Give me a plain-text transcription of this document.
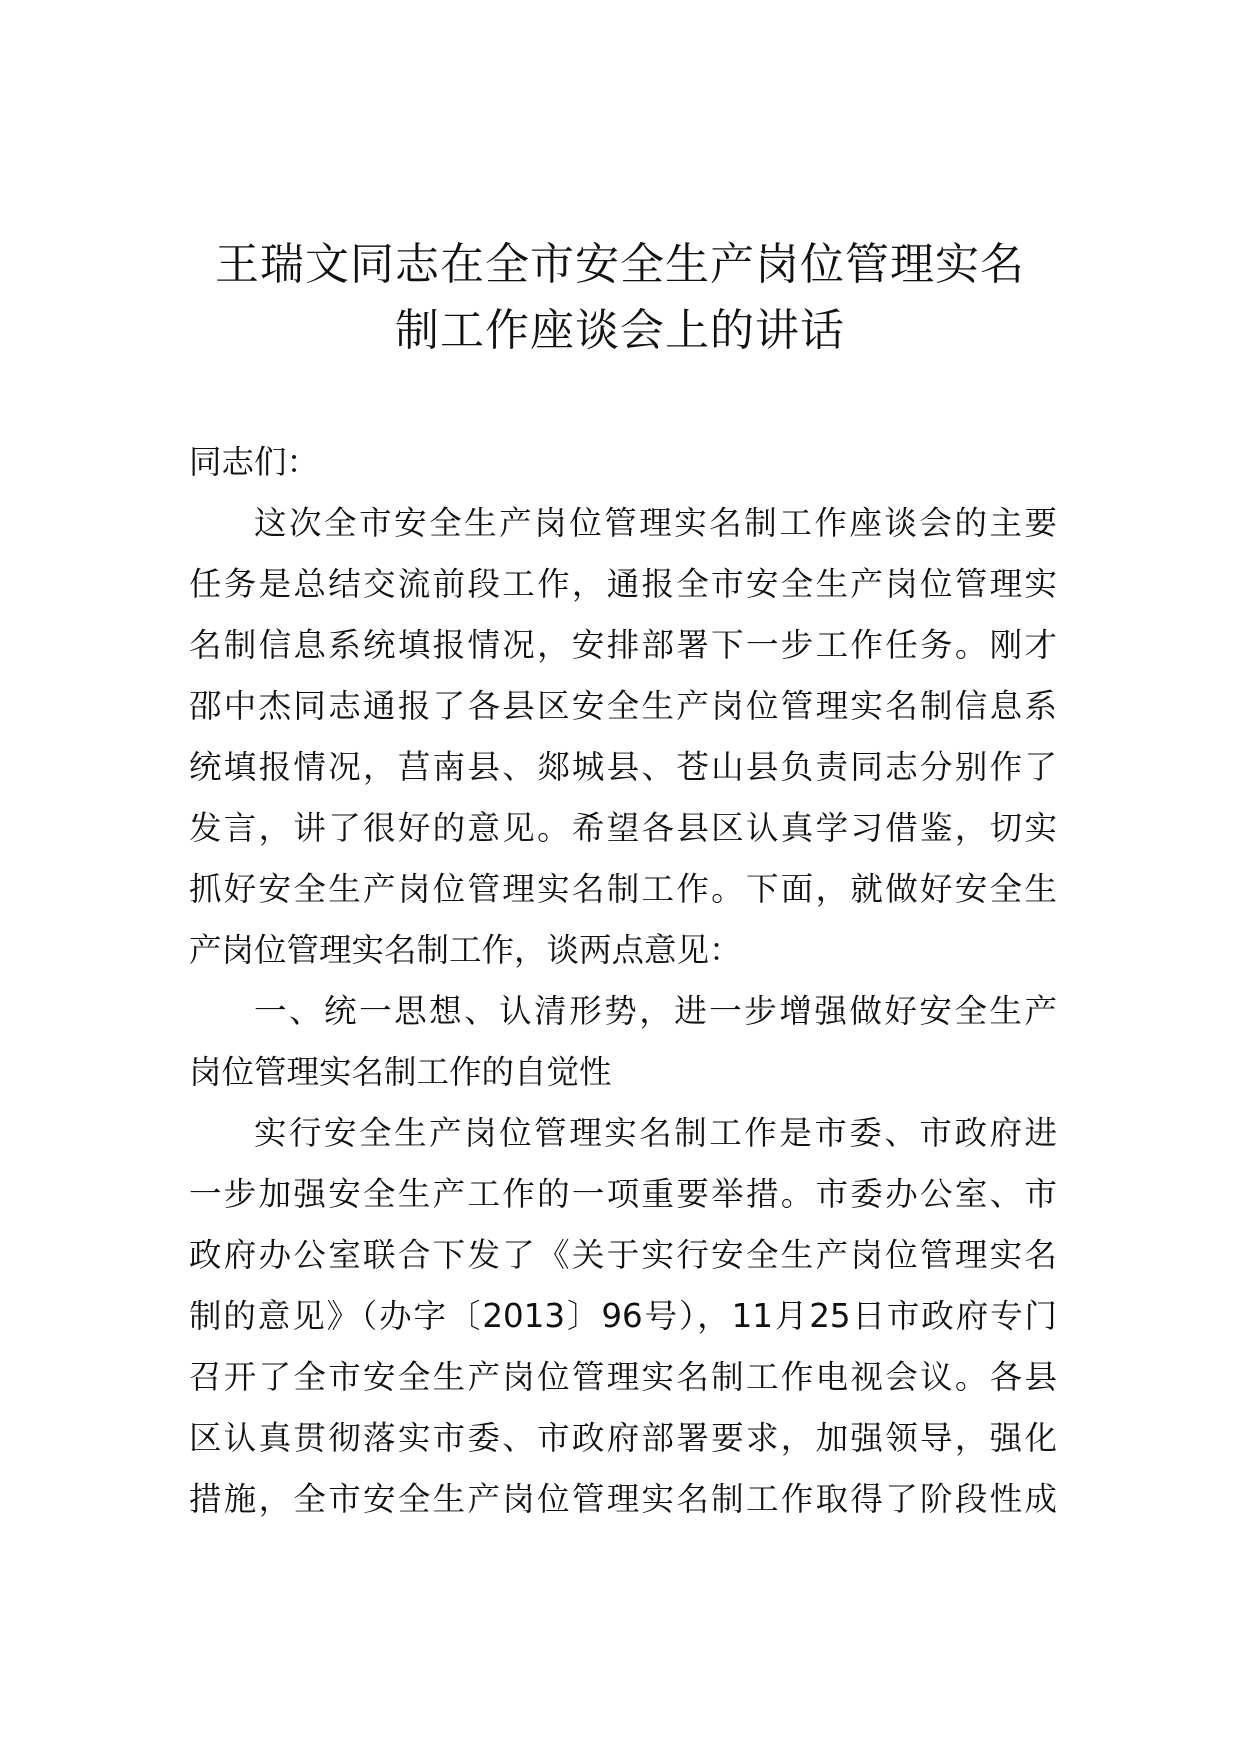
王瑞文同志在全市安全生产岗位管理实名
制工作座谈会上的讲话
同志们：
这次全市安全生产岗位管理实名制工作座谈会的主要
任务是总结交流前段工作，通报全市安全生产岗位管理实
名制信息系统填报情况，安排部署下一步工作任务。刚才
邵中杰同志通报了各县区安全生产岗位管理实名制信息系
统填报情况，莒南县、郯城县、苍山县负责同志分别作了
发言，讲了很好的意见。希望各县区认真学习借鉴，切实
抓好安全生产岗位管理实名制工作。下面，就做好安全生
产岗位管理实名制工作，谈两点意见：
一、统一思想、认清形势，进一步增强做好安全生产
岗位管理实名制工作的自觉性
实行安全生产岗位管理实名制工作是市委、市政府进
一步加强安全生产工作的一项重要举措。市委办公室、市
政府办公室联合下发了《关于实行安全生产岗位管理实名
制的意见》（办字〔2013〕96号），11月25日市政府专门
召开了全市安全生产岗位管理实名制工作电视会议。各县
区认真贯彻落实市委、市政府部署要求，加强领导，强化
措施，全市安全生产岗位管理实名制工作取得了阶段性成
